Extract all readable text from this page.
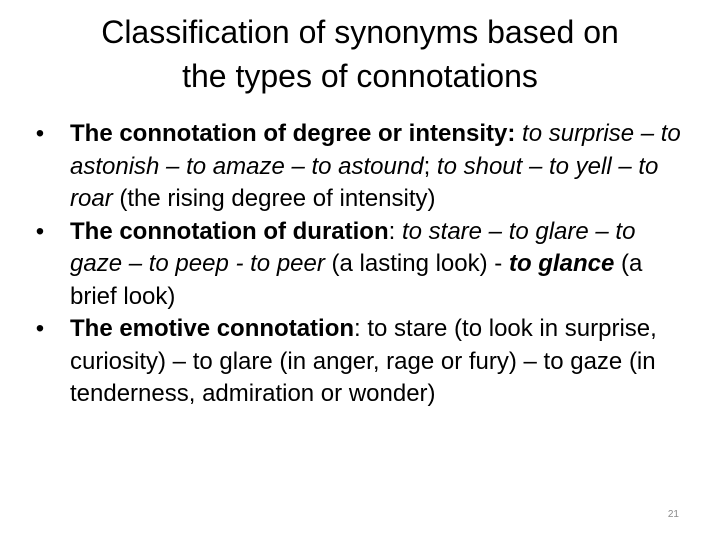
Classification of synonyms based on
the types of connotations
• The connotation of degree or intensity: to surprise – to astonish – to amaze – to astound; to shout – to yell – to roar (the rising degree of intensity)
• The connotation of duration: to stare – to glare – to gaze – to peep - to peer (a lasting look) - to glance (a brief look)
• The emotive connotation: to stare (to look in surprise, curiosity) – to glare (in anger, rage or fury) – to gaze (in tenderness, admiration or wonder)
21
